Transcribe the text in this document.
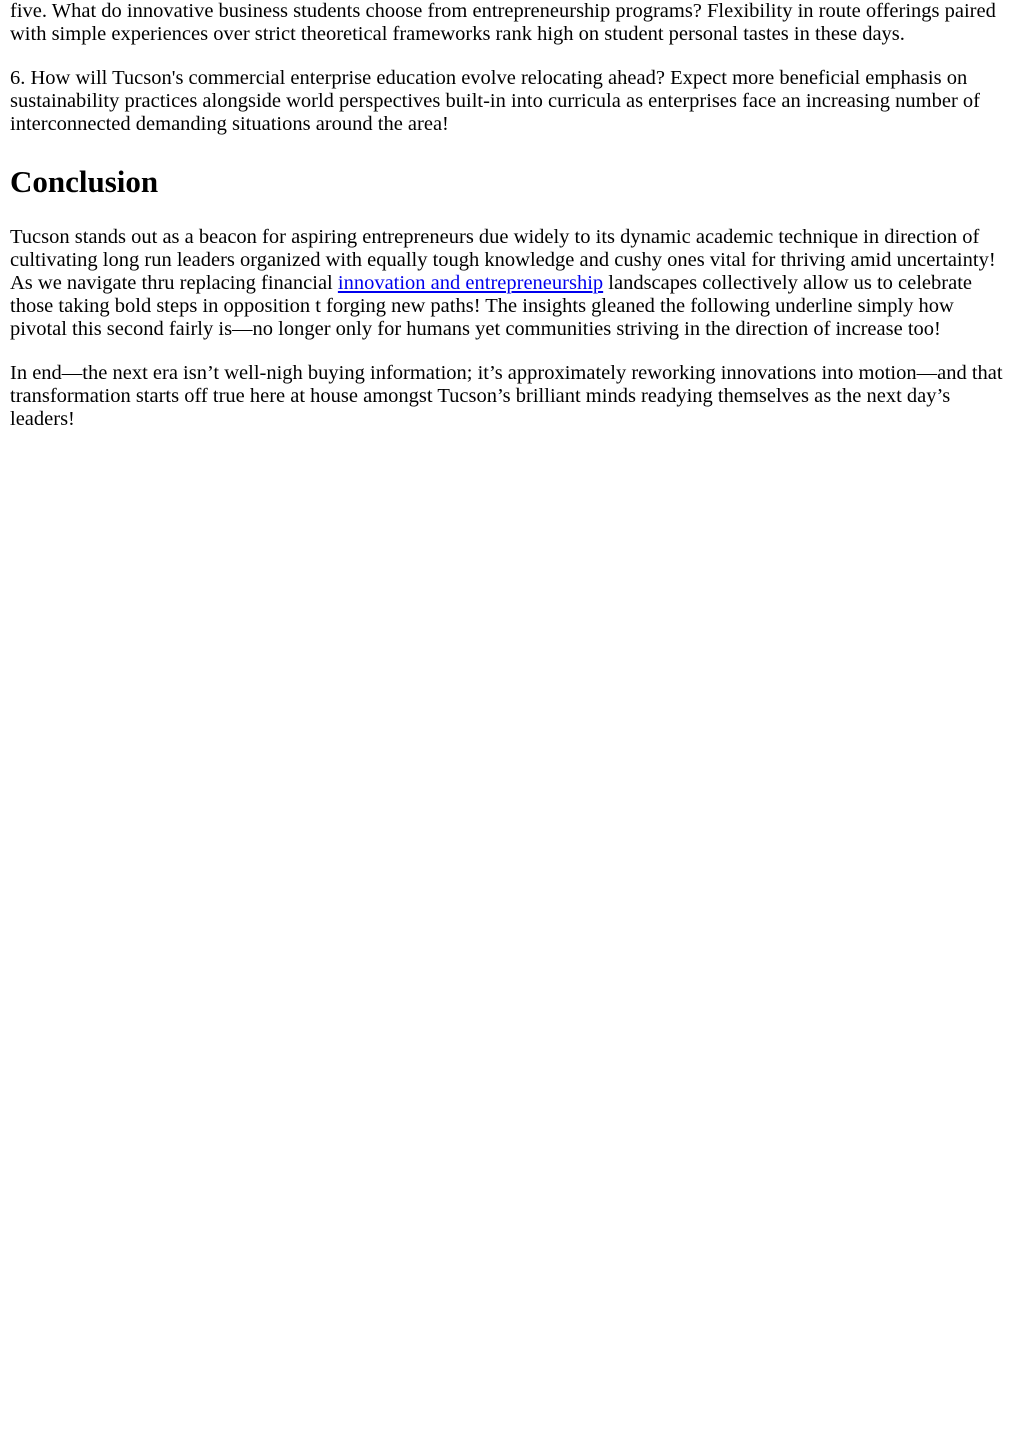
five. What do innovative business students choose from entrepreneurship programs? Flexibility in route offerings paired with simple experiences over strict theoretical frameworks rank high on student personal tastes in these days.

6. How will Tucson's commercial enterprise education evolve relocating ahead? Expect more beneficial emphasis on sustainability practices alongside world perspectives built-in into curricula as enterprises face an increasing number of interconnected demanding situations around the area!

Conclusion

Tucson stands out as a beacon for aspiring entrepreneurs due widely to its dynamic academic technique in direction of cultivating long run leaders organized with equally tough knowledge and cushy ones vital for thriving amid uncertainty! As we navigate thru replacing financial innovation and entrepreneurship landscapes collectively allow us to celebrate those taking bold steps in opposition t forging new paths! The insights gleaned the following underline simply how pivotal this second fairly is—no longer only for humans yet communities striving in the direction of increase too!

In end—the next era isn’t well-nigh buying information; it’s approximately reworking innovations into motion—and that transformation starts off true here at house amongst Tucson’s brilliant minds readying themselves as the next day’s leaders!
